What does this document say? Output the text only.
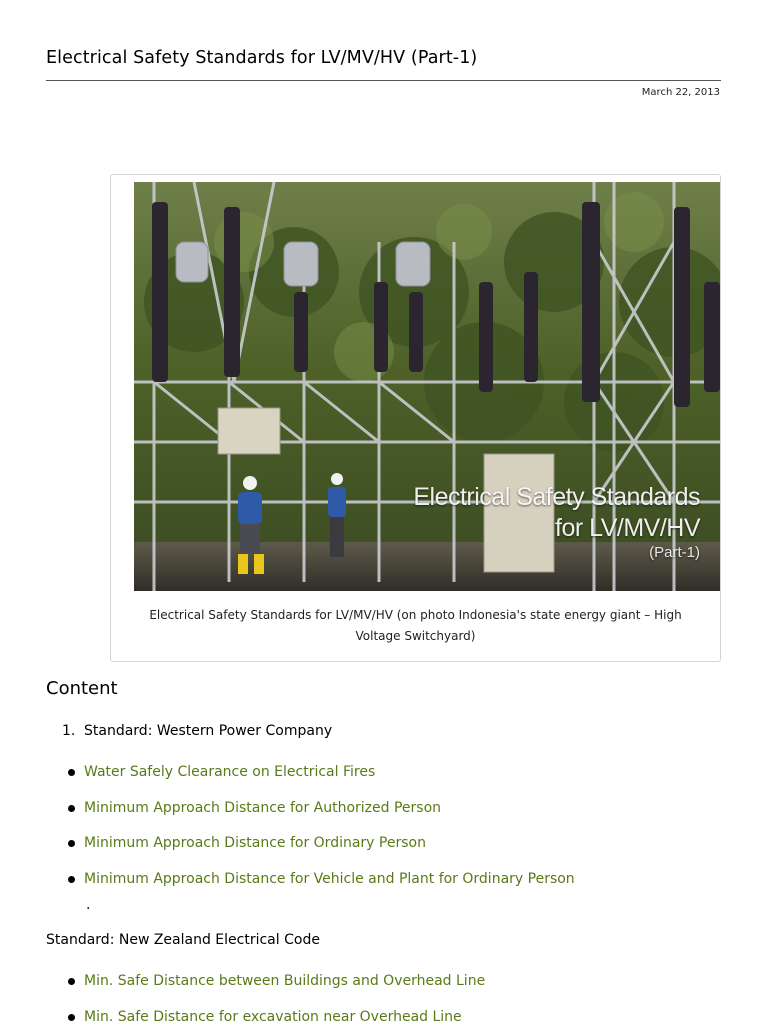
Electrical Safety Standards for LV/MV/HV (Part-1)
March 22, 2013
Electrical Safety Standards
for LV/MV/HV
(Part-1)
Electrical Safety Standards for LV/MV/HV (on photo Indonesia's state energy giant – High Voltage Switchyard)
Content
1. Standard: Western Power Company
Water Safely Clearance on Electrical Fires
Minimum Approach Distance for Authorized Person
Minimum Approach Distance for Ordinary Person
Minimum Approach Distance for Vehicle and Plant for Ordinary Person
.
Standard: New Zealand Electrical Code
Min. Safe Distance between Buildings and Overhead Line
Min. Safe Distance for excavation near Overhead Line
